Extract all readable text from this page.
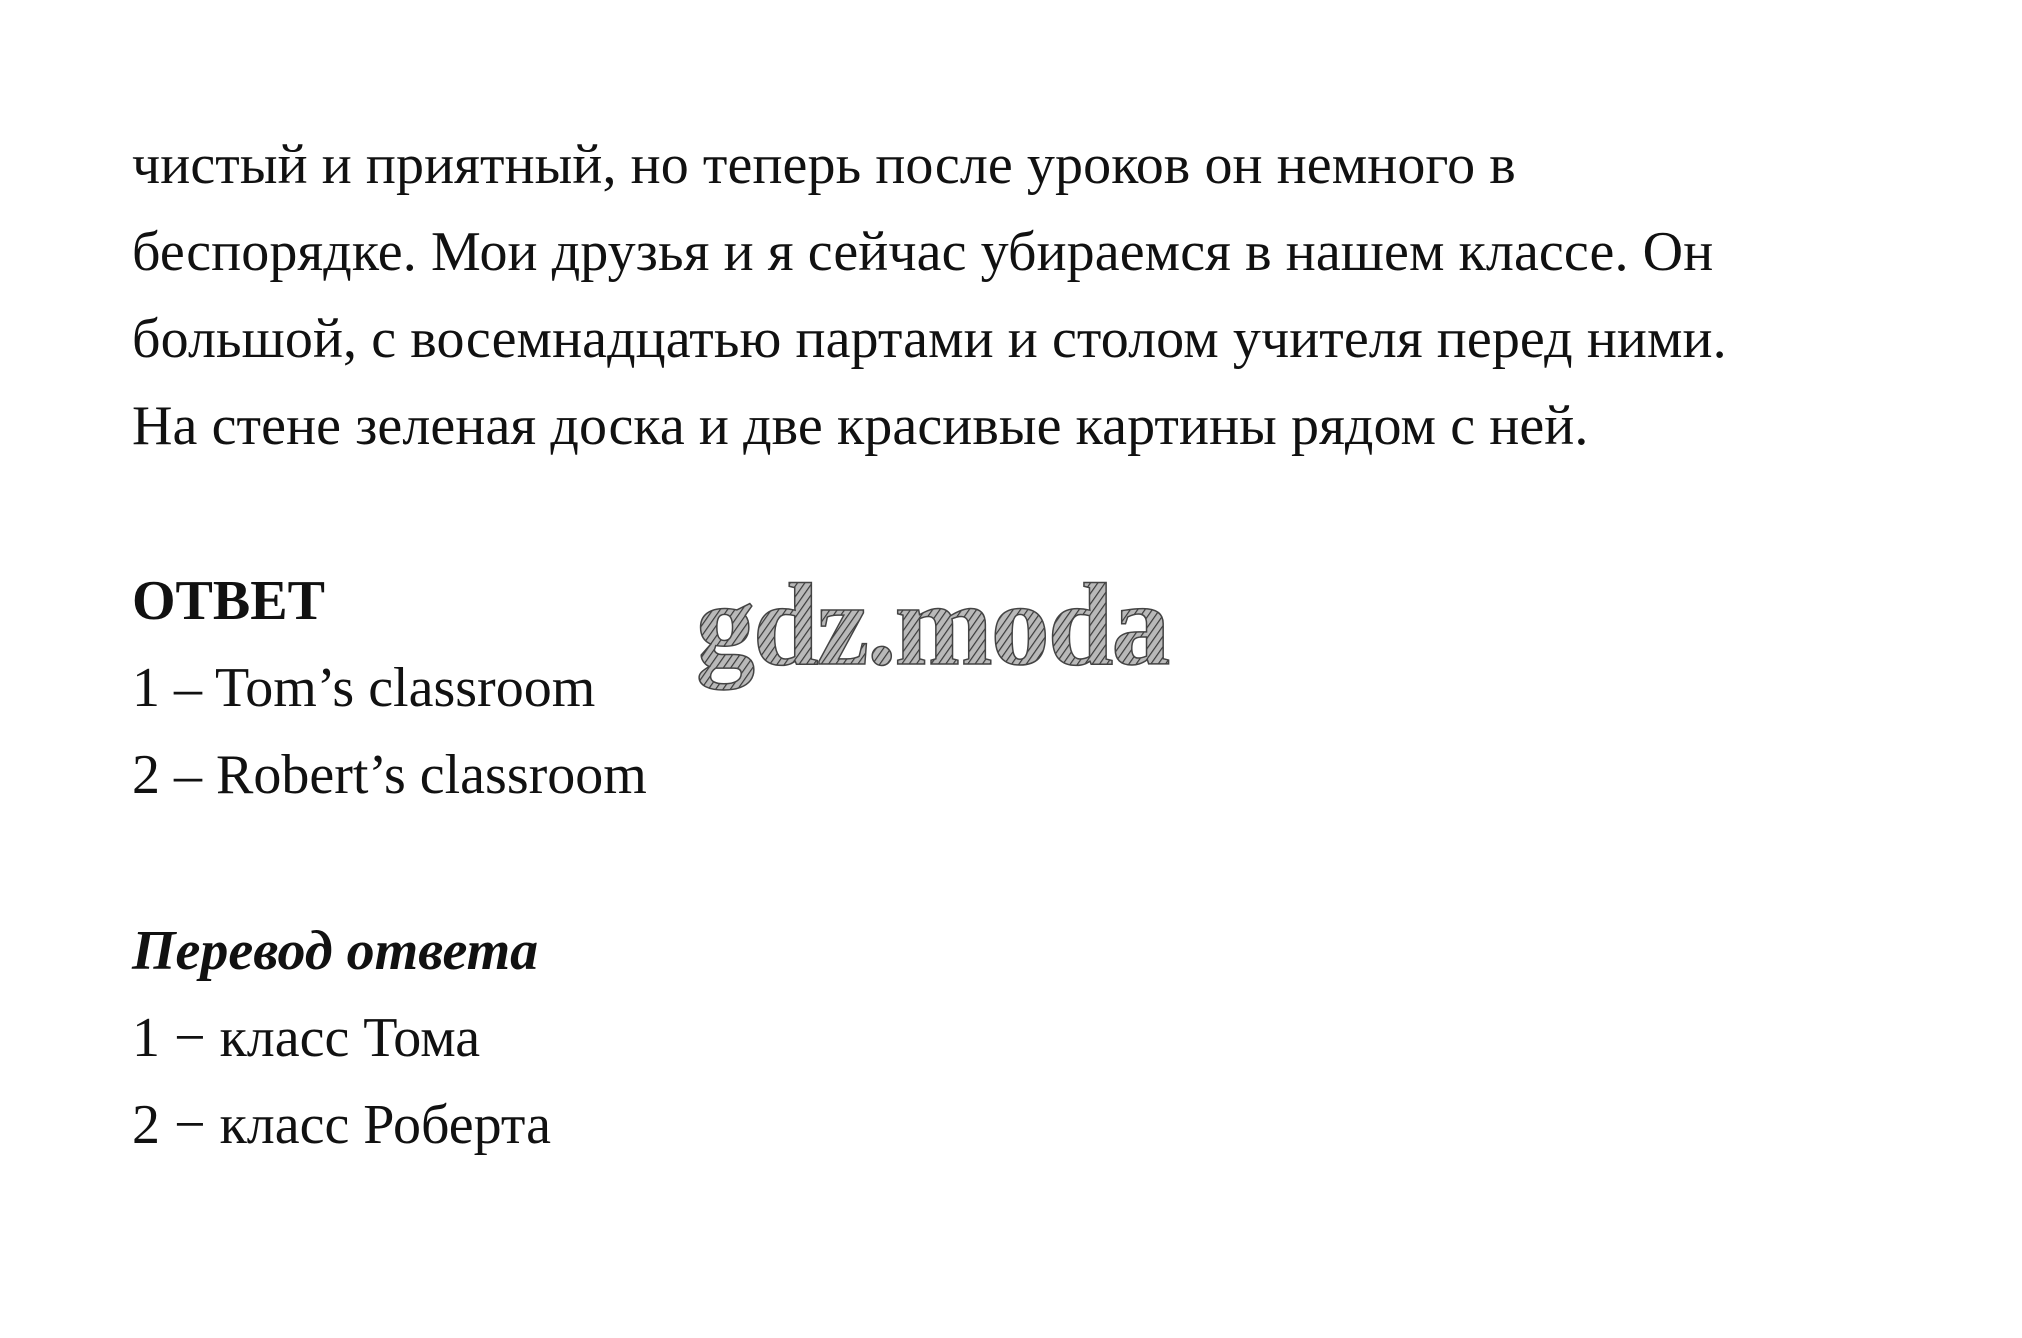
чистый и приятный, но теперь после уроков он немного в
беспорядке. Мои друзья и я сейчас убираемся в нашем классе. Он
большой, с восемнадцатью партами и столом учителя перед ними.
На стене зеленая доска и две красивые картины рядом с ней.
ОТВЕТ
1 – Tom’s classroom
2 – Robert’s classroom
Перевод ответа
1 − класс Тома
2 − класс Роберта
gdz.moda
